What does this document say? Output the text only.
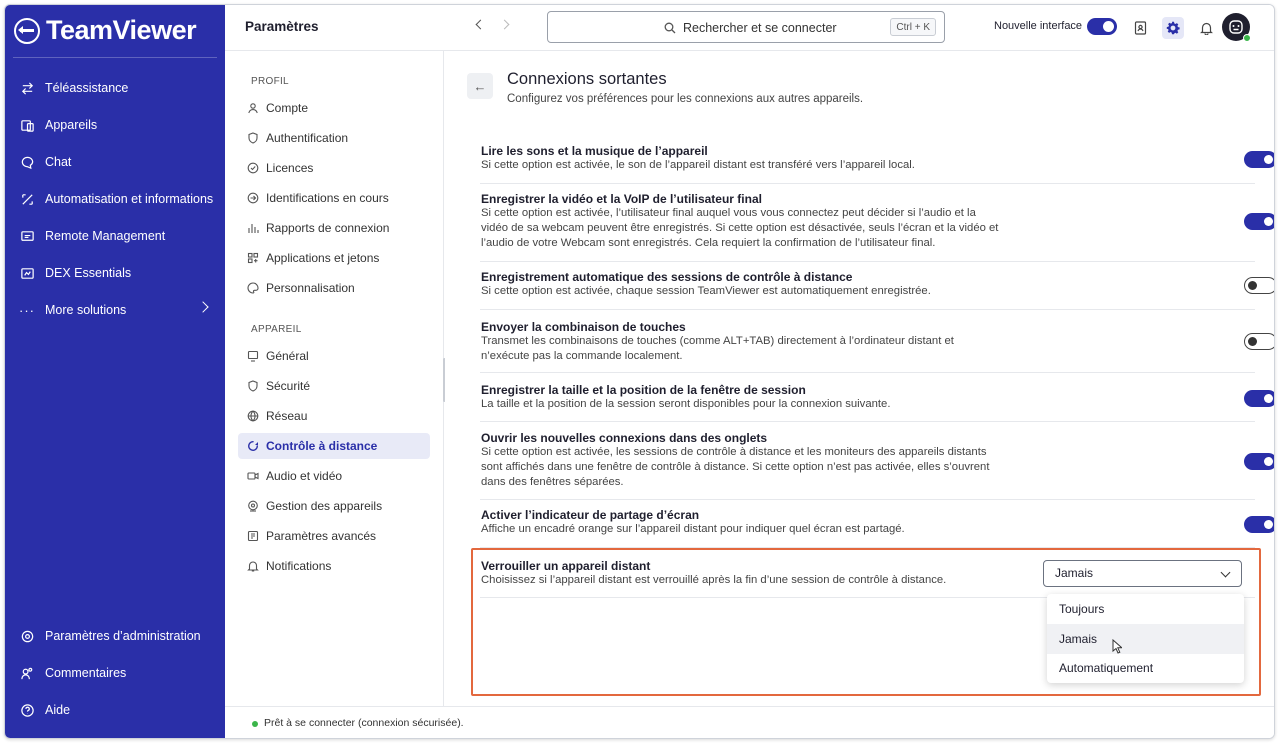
TeamViewer
Téléassistance
Appareils
Chat
Automatisation et informations
Remote Management
DEX Essentials
··· More solutions
Paramètres d’administration
Commentaires
Aide
Paramètres	Rechercher et se connecter	Ctrl + K	Nouvelle interface
PROFIL
Compte
Authentification
Licences
Identifications en cours
Rapports de connexion
Applications et jetons
Personnalisation
APPAREIL
Général
Sécurité
Réseau
Contrôle à distance
Audio et vidéo
Gestion des appareils
Paramètres avancés
Notifications
← Connexions sortantes
Configurez vos préférences pour les connexions aux autres appareils.
Lire les sons et la musique de l’appareil
Si cette option est activée, le son de l’appareil distant est transféré vers l’appareil local.
Enregistrer la vidéo et la VoIP de l’utilisateur final
Si cette option est activée, l’utilisateur final auquel vous vous connectez peut décider si l’audio et la vidéo de sa webcam peuvent être enregistrés. Si cette option est désactivée, seuls l’écran et la vidéo et l’audio de votre Webcam sont enregistrés. Cela requiert la confirmation de l’utilisateur final.
Enregistrement automatique des sessions de contrôle à distance
Si cette option est activée, chaque session TeamViewer est automatiquement enregistrée.
Envoyer la combinaison de touches
Transmet les combinaisons de touches (comme ALT+TAB) directement à l’ordinateur distant et n’exécute pas la commande localement.
Enregistrer la taille et la position de la fenêtre de session
La taille et la position de la session seront disponibles pour la connexion suivante.
Ouvrir les nouvelles connexions dans des onglets
Si cette option est activée, les sessions de contrôle à distance et les moniteurs des appareils distants sont affichés dans une fenêtre de contrôle à distance. Si cette option n’est pas activée, elles s’ouvrent dans des fenêtres séparées.
Activer l’indicateur de partage d’écran
Affiche un encadré orange sur l’appareil distant pour indiquer quel écran est partagé.
Verrouiller un appareil distant
Choisissez si l’appareil distant est verrouillé après la fin d’une session de contrôle à distance.	Jamais
Toujours
Jamais
Automatiquement
Prêt à se connecter (connexion sécurisée).
